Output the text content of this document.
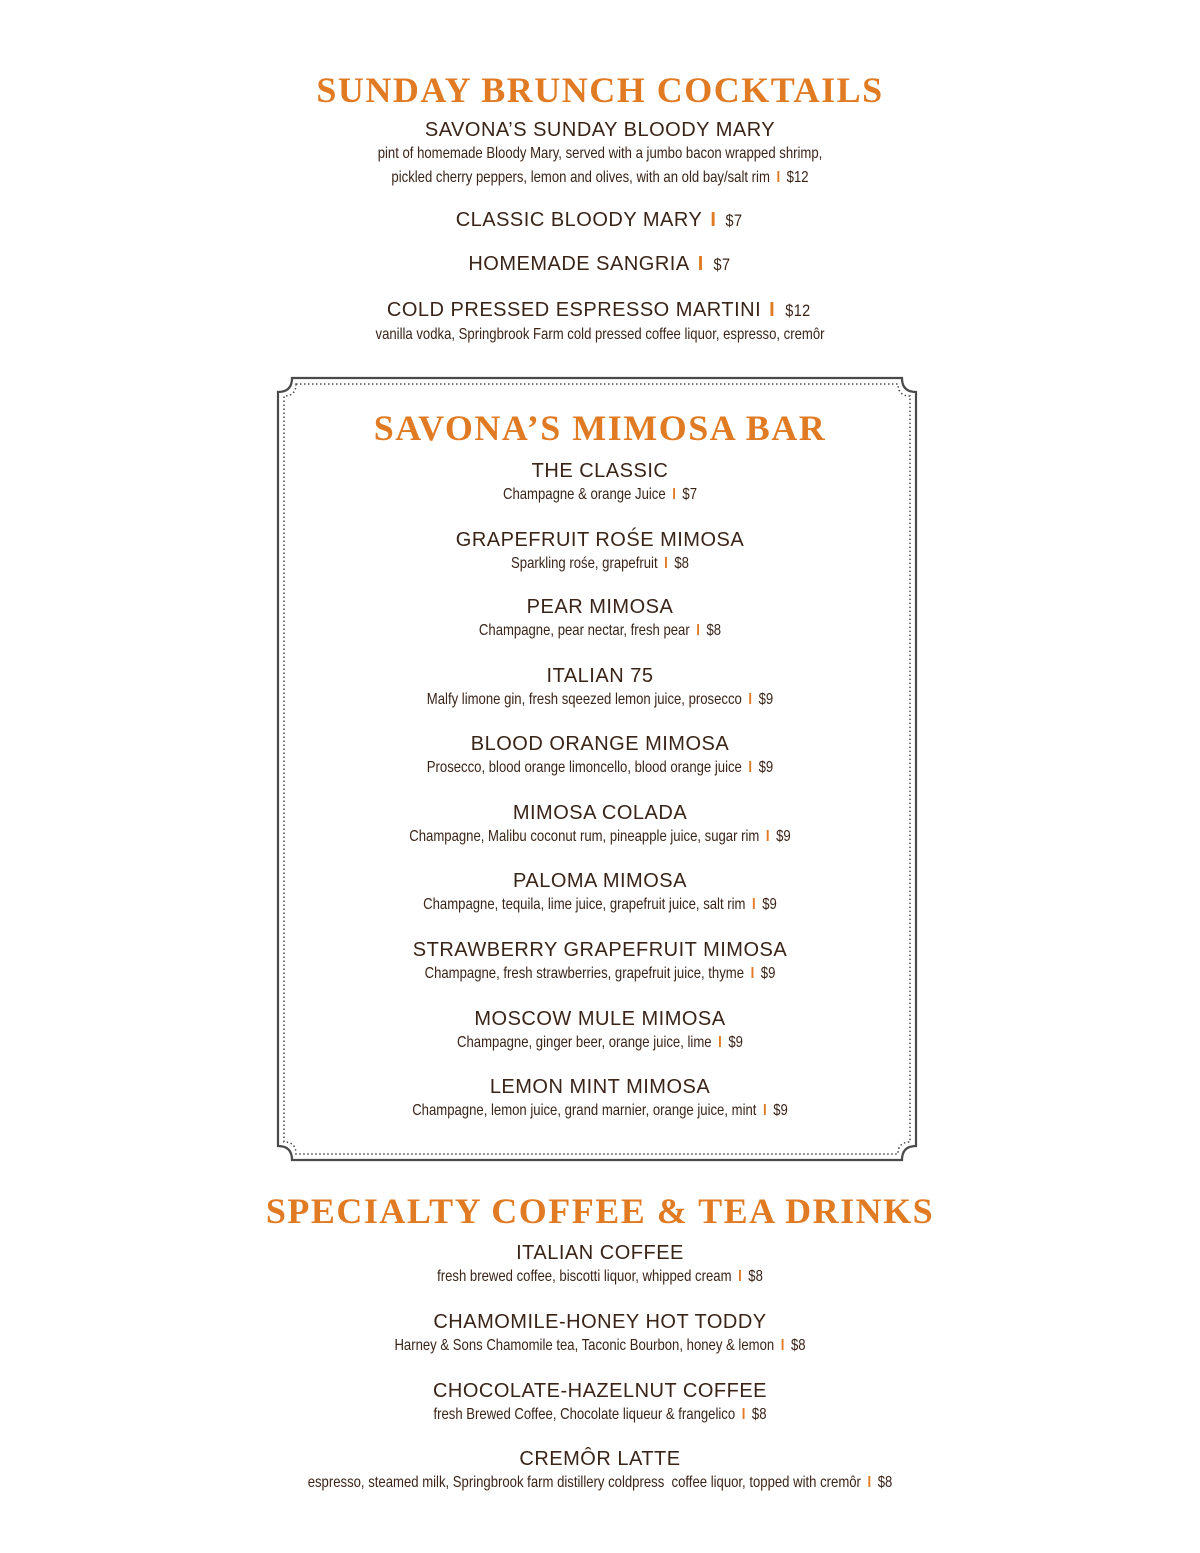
SUNDAY BRUNCH COCKTAILS
SAVONA’S SUNDAY BLOODY MARY
pint of homemade Bloody Mary, served with a jumbo bacon wrapped shrimp,
pickled cherry peppers, lemon and olives, with an old bay/salt rim I $12
CLASSIC BLOODY MARY I $7
HOMEMADE SANGRIA I $7
COLD PRESSED ESPRESSO MARTINI I $12
vanilla vodka, Springbrook Farm cold pressed coffee liquor, espresso, cremôr
SAVONA’S MIMOSA BAR
THE CLASSIC
Champagne & orange Juice I $7
GRAPEFRUIT ROŚE MIMOSA
Sparkling rośe, grapefruit I $8
PEAR MIMOSA
Champagne, pear nectar, fresh pear I $8
ITALIAN 75
Malfy limone gin, fresh sqeezed lemon juice, prosecco I $9
BLOOD ORANGE MIMOSA
Prosecco, blood orange limoncello, blood orange juice I $9
MIMOSA COLADA
Champagne, Malibu coconut rum, pineapple juice, sugar rim I $9
PALOMA MIMOSA
Champagne, tequila, lime juice, grapefruit juice, salt rim I $9
STRAWBERRY GRAPEFRUIT MIMOSA
Champagne, fresh strawberries, grapefruit juice, thyme I $9
MOSCOW MULE MIMOSA
Champagne, ginger beer, orange juice, lime I $9
LEMON MINT MIMOSA
Champagne, lemon juice, grand marnier, orange juice, mint I $9
SPECIALTY COFFEE & TEA DRINKS
ITALIAN COFFEE
fresh brewed coffee, biscotti liquor, whipped cream I $8
CHAMOMILE-HONEY HOT TODDY
Harney & Sons Chamomile tea, Taconic Bourbon, honey & lemon I $8
CHOCOLATE-HAZELNUT COFFEE
fresh Brewed Coffee, Chocolate liqueur & frangelico I $8
CREMÔR LATTE
espresso, steamed milk, Springbrook farm distillery coldpress  coffee liquor, topped with cremôr I $8
